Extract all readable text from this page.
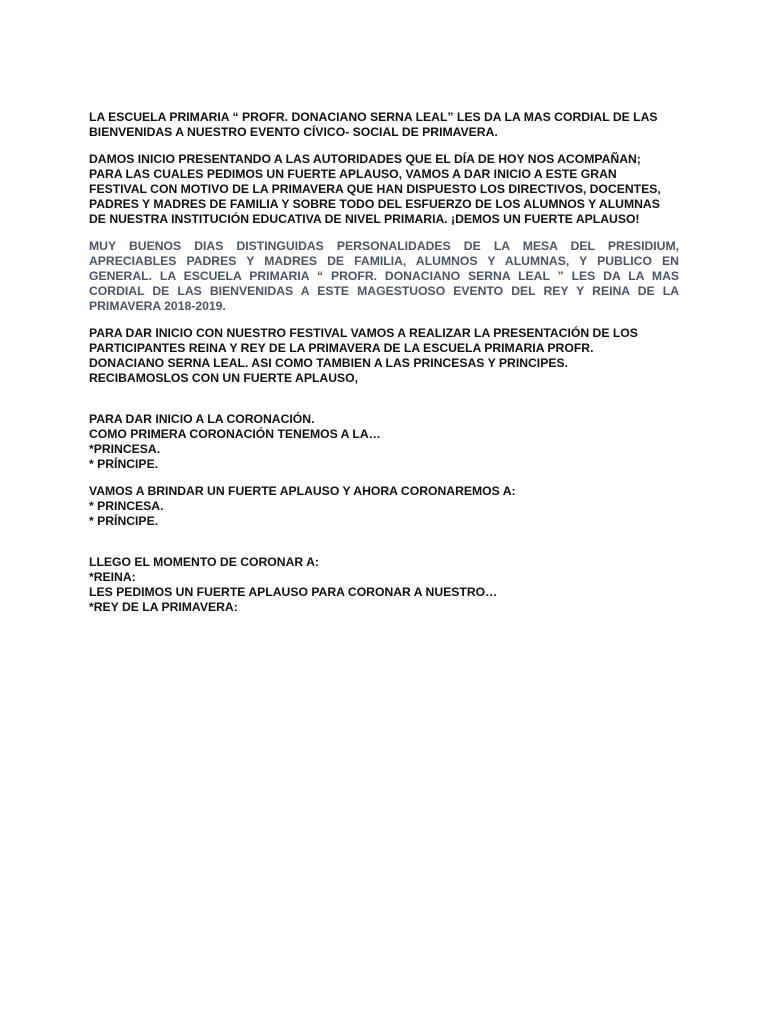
LA ESCUELA PRIMARIA “ PROFR. DONACIANO SERNA LEAL” LES DA LA MAS CORDIAL DE LAS
BIENVENIDAS A NUESTRO EVENTO CÍVICO- SOCIAL DE PRIMAVERA.
DAMOS INICIO PRESENTANDO A LAS AUTORIDADES QUE EL DÍA DE HOY NOS ACOMPAÑAN;
PARA LAS CUALES PEDIMOS UN FUERTE APLAUSO, VAMOS A DAR INICIO A ESTE GRAN
FESTIVAL CON MOTIVO DE LA PRIMAVERA QUE HAN DISPUESTO LOS DIRECTIVOS, DOCENTES,
PADRES Y MADRES DE FAMILIA Y SOBRE TODO DEL ESFUERZO DE LOS ALUMNOS Y ALUMNAS
DE NUESTRA INSTITUCIÓN EDUCATIVA DE NIVEL PRIMARIA. ¡DEMOS UN FUERTE APLAUSO!
MUY BUENOS DIAS DISTINGUIDAS PERSONALIDADES DE LA MESA DEL PRESIDIUM,
APRECIABLES PADRES Y MADRES DE FAMILIA, ALUMNOS Y ALUMNAS, Y PUBLICO EN
GENERAL. LA ESCUELA PRIMARIA “ PROFR. DONACIANO SERNA LEAL ” LES DA LA MAS
CORDIAL DE LAS BIENVENIDAS A ESTE MAGESTUOSO EVENTO DEL REY Y REINA DE LA
PRIMAVERA 2018-2019.
PARA DAR INICIO CON NUESTRO FESTIVAL VAMOS A REALIZAR LA PRESENTACIÓN DE LOS
PARTICIPANTES REINA Y REY DE LA PRIMAVERA DE LA ESCUELA PRIMARIA PROFR.
DONACIANO SERNA LEAL. ASI COMO TAMBIEN A LAS PRINCESAS Y PRINCIPES.
RECIBAMOSLOS CON UN FUERTE APLAUSO,
PARA DAR INICIO A LA CORONACIÓN.
COMO PRIMERA CORONACIÓN TENEMOS A LA…
*PRINCESA.
* PRÍNCIPE.
VAMOS A BRINDAR UN FUERTE APLAUSO Y AHORA CORONAREMOS A:
* PRINCESA.
* PRÍNCIPE.
LLEGO EL MOMENTO DE CORONAR A:
*REINA:
LES PEDIMOS UN FUERTE APLAUSO PARA CORONAR A NUESTRO…
*REY DE LA PRIMAVERA:
